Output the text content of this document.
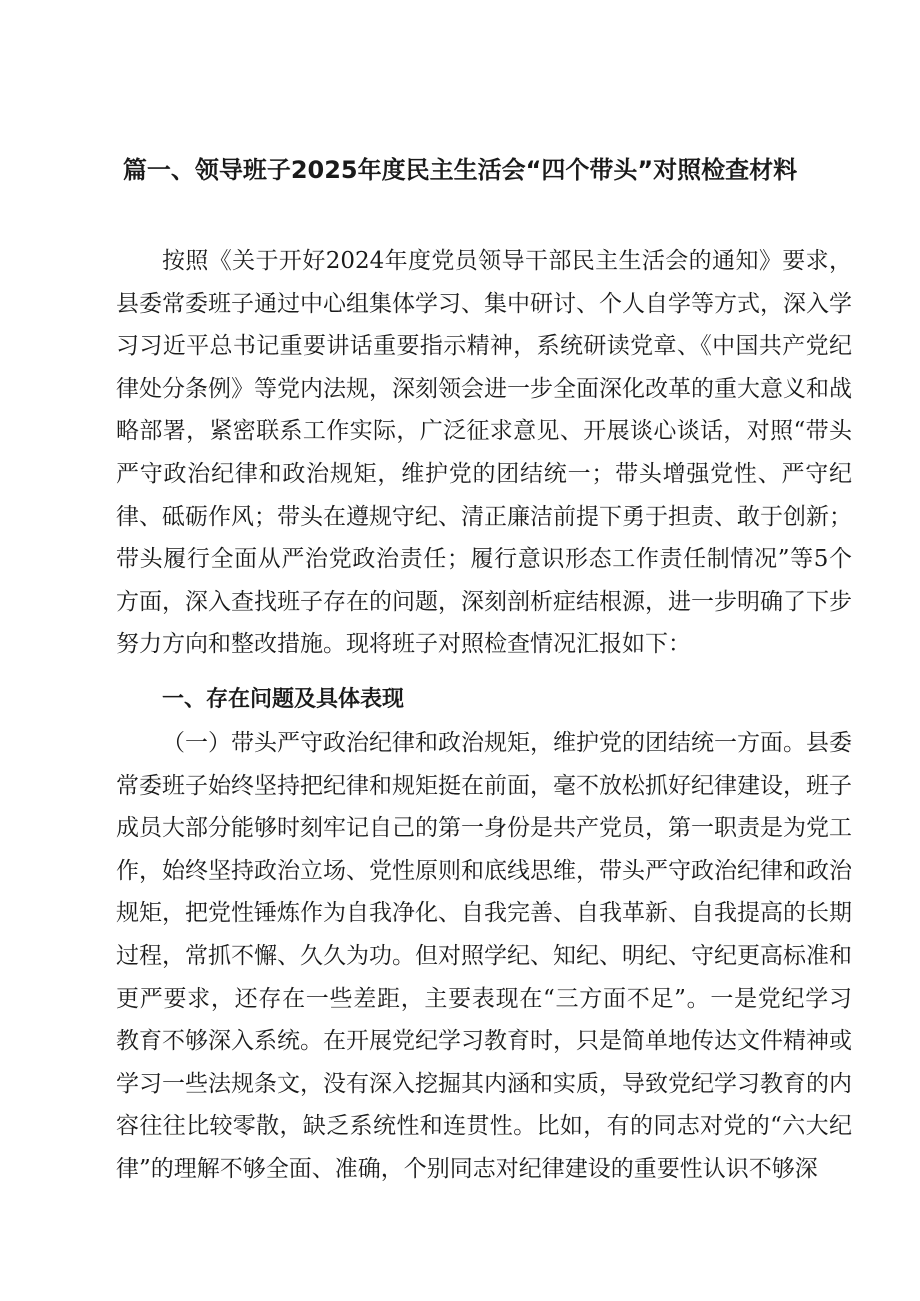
篇一、领导班子2025年度民主生活会“四个带头”对照检查材料

按照《关于开好2024年度党员领导干部民主生活会的通知》要求，县委常委班子通过中心组集体学习、集中研讨、个人自学等方式，深入学习习近平总书记重要讲话重要指示精神，系统研读党章、《中国共产党纪律处分条例》等党内法规，深刻领会进一步全面深化改革的重大意义和战略部署，紧密联系工作实际，广泛征求意见、开展谈心谈话，对照“带头严守政治纪律和政治规矩，维护党的团结统一；带头增强党性、严守纪律、砥砺作风；带头在遵规守纪、清正廉洁前提下勇于担责、敢于创新；带头履行全面从严治党政治责任；履行意识形态工作责任制情况”等5个方面，深入查找班子存在的问题，深刻剖析症结根源，进一步明确了下步努力方向和整改措施。现将班子对照检查情况汇报如下：

一、存在问题及具体表现

（一）带头严守政治纪律和政治规矩，维护党的团结统一方面。县委常委班子始终坚持把纪律和规矩挺在前面，毫不放松抓好纪律建设，班子成员大部分能够时刻牢记自己的第一身份是共产党员，第一职责是为党工作，始终坚持政治立场、党性原则和底线思维，带头严守政治纪律和政治规矩，把党性锤炼作为自我净化、自我完善、自我革新、自我提高的长期过程，常抓不懈、久久为功。但对照学纪、知纪、明纪、守纪更高标准和更严要求，还存在一些差距，主要表现在“三方面不足”。一是党纪学习教育不够深入系统。在开展党纪学习教育时，只是简单地传达文件精神或学习一些法规条文，没有深入挖掘其内涵和实质，导致党纪学习教育的内容往往比较零散，缺乏系统性和连贯性。比如，有的同志对党的“六大纪律”的理解不够全面、准确，个别同志对纪律建设的重要性认识不够深
